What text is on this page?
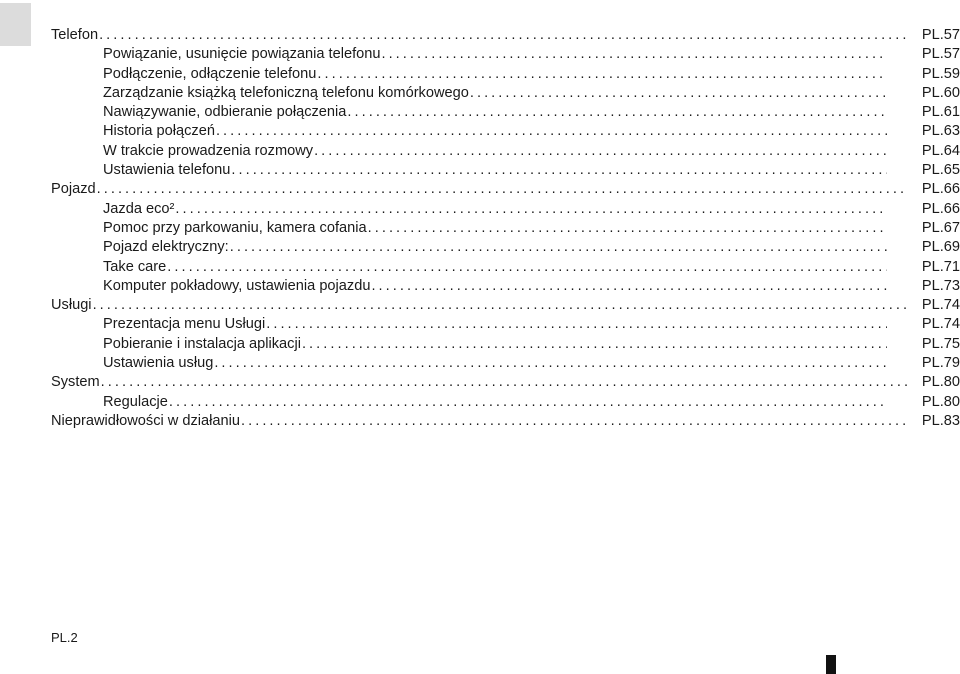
Telefon . . .	PL.57
Powiązanie, usunięcie powiązania telefonu . . .	PL.57
Podłączenie, odłączenie telefonu . . .	PL.59
Zarządzanie książką telefoniczną telefonu komórkowego . . .	PL.60
Nawiązywanie, odbieranie połączenia . . .	PL.61
Historia połączeń . . .	PL.63
W trakcie prowadzenia rozmowy . . .	PL.64
Ustawienia telefonu . . .	PL.65
Pojazd . . .	PL.66
Jazda eco² . . .	PL.66
Pomoc przy parkowaniu, kamera cofania . . .	PL.67
Pojazd elektryczny: . . .	PL.69
Take care . . .	PL.71
Komputer pokładowy, ustawienia pojazdu . . .	PL.73
Usługi . . .	PL.74
Prezentacja menu Usługi . . .	PL.74
Pobieranie i instalacja aplikacji . . .	PL.75
Ustawienia usług . . .	PL.79
System . . .	PL.80
Regulacje . . .	PL.80
Nieprawidłowości w działaniu . . .	PL.83
PL.2
